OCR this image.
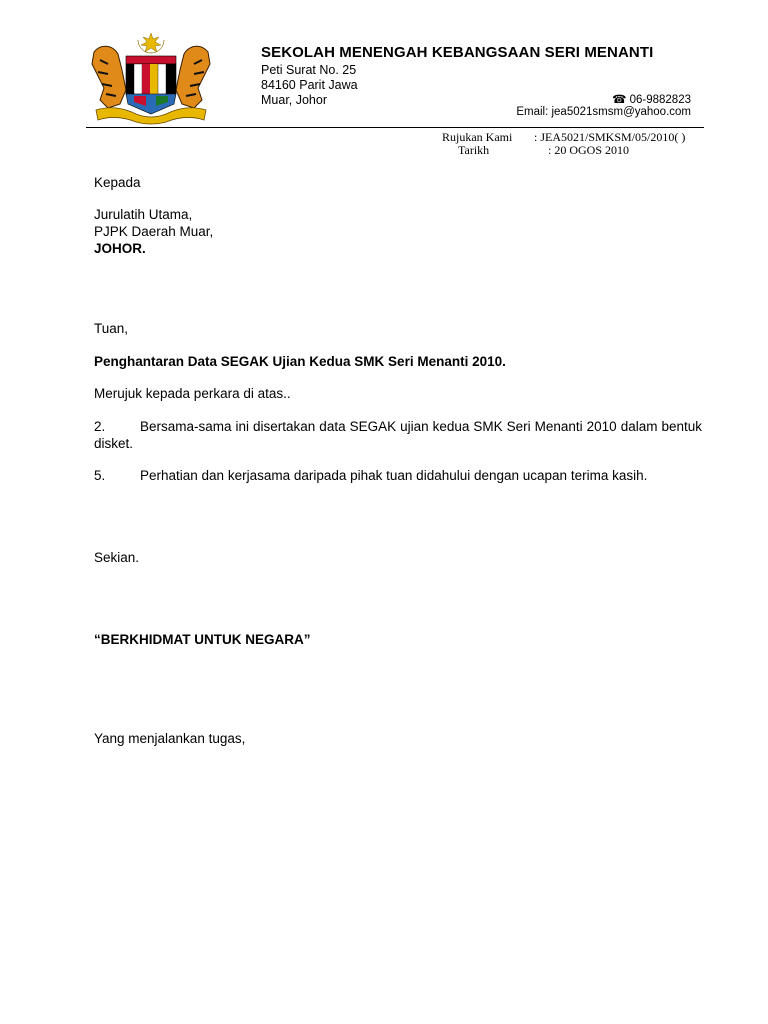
SEKOLAH MENENGAH KEBANGSAAN SERI MENANTI
Peti Surat No. 25
84160 Parit Jawa
Muar, Johor	☎ 06-9882823
Email: jea5021smsm@yahoo.com
Rujukan Kami : JEA5021/SMKSM/05/2010( )
Tarikh	: 20 OGOS 2010
Kepada
Jurulatih Utama,
PJPK Daerah Muar,
JOHOR.
Tuan,
Penghantaran Data SEGAK Ujian Kedua SMK Seri Menanti 2010.
Merujuk kepada perkara di atas..
2.	Bersama-sama ini disertakan data SEGAK ujian kedua SMK Seri Menanti 2010 dalam bentuk disket.
5.	Perhatian dan kerjasama daripada pihak tuan didahului dengan ucapan terima kasih.
Sekian.
“BERKHIDMAT UNTUK NEGARA”
Yang menjalankan tugas,
